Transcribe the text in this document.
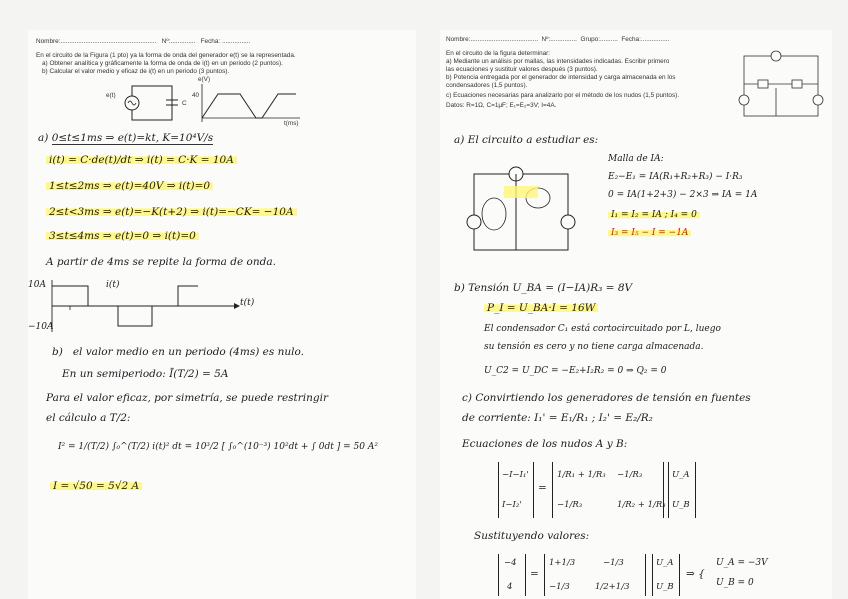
Nombre:...................................................... Nº:.............. Fecha: ................
En el circuito de la Figura (1 pto) ya la forma de onda del generador e(t) se la representada.
a) Obtener analítica y gráficamente la forma de onda de i(t) en un periodo (2 puntos).
b) Calcular el valor medio y eficaz de i(t) en un periodo (3 puntos).
e(t)
C
e(V)
40
t(ms)
a) 0≤t≤1ms ⇒ e(t)=kt, K=10⁴V/s
i(t) = C·de(t)/dt ⇒ i(t) = C·K = 10A
1≤t≤2ms ⇒ e(t)=40V ⇒ i(t)=0
2≤t<3ms ⇒ e(t)=−K(t+2) ⇒ i(t)=−CK= −10A
3≤t≤4ms ⇒ e(t)=0 ⇒ i(t)=0
A partir de 4ms se repite la forma de onda.
10A	i(t)
t(t)
−10A
b) el valor medio en un periodo (4ms) es nulo.
En un semiperiodo: Ī(T/2) = 5A
Para el valor eficaz, por simetría, se puede restringir
el cálculo a T/2:
I² = 1/(T/2) ∫₀^(T/2) i(t)² dt = 10³/2 [ ∫₀^(10⁻³) 10²dt + ∫ 0dt ] = 50 A²
I = √50 = 5√2 A
Nombre:...................................... Nº:............... Grupo:.......... Fecha:................
En el circuito de la figura determinar:
a) Mediante un análisis por mallas, las intensidades indicadas. Escribir primero
las ecuaciones y sustituir valores después (3 puntos).
b) Potencia entregada por el generador de intensidad y carga almacenada en los
condensadores (1,5 puntos).
c) Ecuaciones necesarias para analizarlo por el método de los nudos (1,5 puntos).
Datos: R=1Ω, C=1μF; E₁=E₂=3V; I=4A.
a) El circuito a estudiar es:
Malla de IA:
E₂−E₁ = IA(R₁+R₂+R₃) − I·R₃
0 = IA(1+2+3) − 2×3 ⇒ IA = 1A
I₁ = I₂ = IA ; I₄ = 0
I₃ = I₅ − I = −1A
b) Tensión U_BA = (I−IA)R₃ = 8V
P_I = U_BA·I = 16W
El condensador C₁ está cortocircuitado por L, luego
su tensión es cero y no tiene carga almacenada.
U_C2 = U_DC = −E₂+I₂R₂ = 0 ⇒ Q₂ = 0
c) Convirtiendo los generadores de tensión en fuentes
de corriente: I₁' = E₁/R₁ ; I₂' = E₂/R₂
Ecuaciones de los nudos A y B:
−I−I₁'
I−I₂'
=
1/R₁ + 1/R₃ −1/R₃
−1/R₃	1/R₂ + 1/R₃
U_A
U_B
Sustituyendo valores:
−4
4
=
1+1/3	−1/3
−1/3	1/2+1/3
U_A
U_B
⇒ {
U_A = −3V
U_B = 0
